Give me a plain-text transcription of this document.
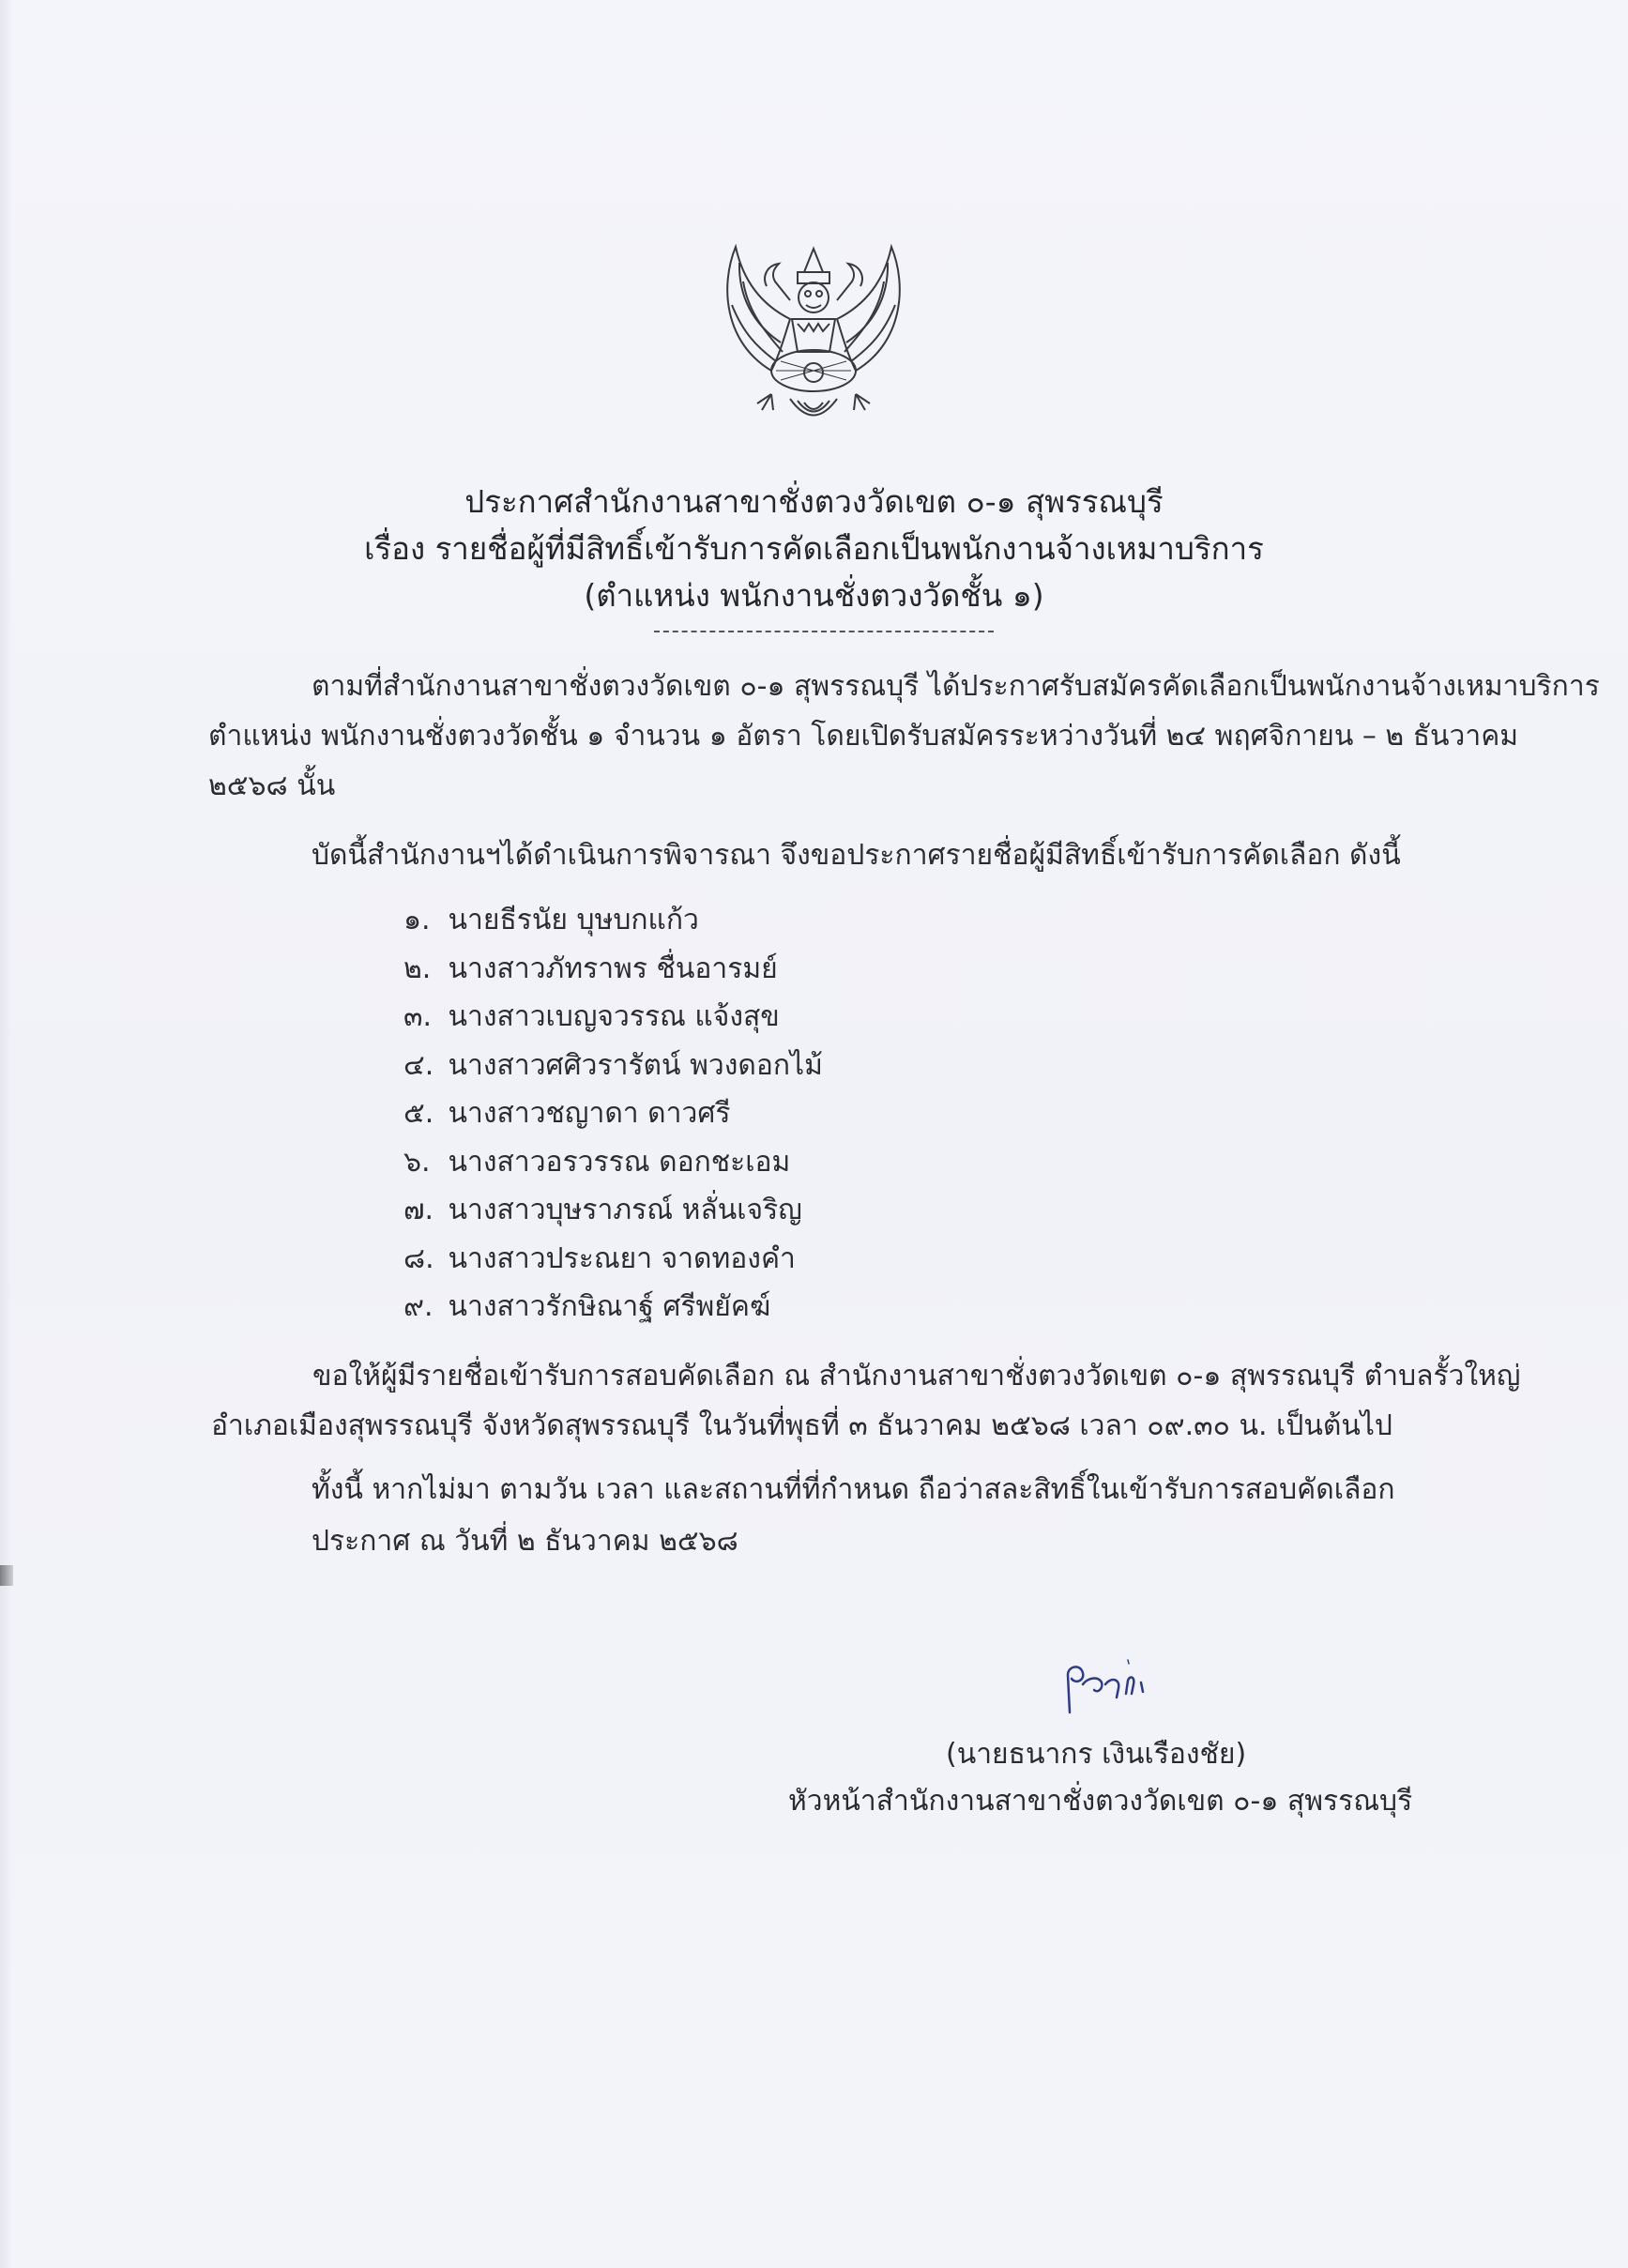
ประกาศสำนักงานสาขาชั่งตวงวัดเขต ๐-๑ สุพรรณบุรี
เรื่อง รายชื่อผู้ที่มีสิทธิ์เข้ารับการคัดเลือกเป็นพนักงานจ้างเหมาบริการ
(ตำแหน่ง พนักงานชั่งตวงวัดชั้น ๑)
ตามที่สำนักงานสาขาชั่งตวงวัดเขต ๐-๑ สุพรรณบุรี ได้ประกาศรับสมัครคัดเลือกเป็นพนักงานจ้างเหมาบริการ
ตำแหน่ง พนักงานชั่งตวงวัดชั้น ๑ จำนวน ๑ อัตรา โดยเปิดรับสมัครระหว่างวันที่ ๒๔ พฤศจิกายน – ๒ ธันวาคม
๒๕๖๘ นั้น
บัดนี้สำนักงานฯได้ดำเนินการพิจารณา จึงขอประกาศรายชื่อผู้มีสิทธิ์เข้ารับการคัดเลือก ดังนี้
๑. นายธีรนัย บุษบกแก้ว
๒. นางสาวภัทราพร ชื่นอารมย์
๓. นางสาวเบญจวรรณ แจ้งสุข
๔. นางสาวศศิวรารัตน์ พวงดอกไม้
๕. นางสาวชญาดา ดาวศรี
๖. นางสาวอรวรรณ ดอกชะเอม
๗. นางสาวบุษราภรณ์ หลั่นเจริญ
๘. นางสาวประณยา จาดทองคำ
๙. นางสาวรักษิณาฐ์ ศรีพยัคฆ์
ขอให้ผู้มีรายชื่อเข้ารับการสอบคัดเลือก ณ สำนักงานสาขาชั่งตวงวัดเขต ๐-๑ สุพรรณบุรี ตำบลรั้วใหญ่
อำเภอเมืองสุพรรณบุรี จังหวัดสุพรรณบุรี ในวันที่พุธที่ ๓ ธันวาคม ๒๕๖๘ เวลา ๐๙.๓๐ น. เป็นต้นไป
ทั้งนี้ หากไม่มา ตามวัน เวลา และสถานที่ที่กำหนด ถือว่าสละสิทธิ์ในเข้ารับการสอบคัดเลือก
ประกาศ ณ วันที่ ๒ ธันวาคม ๒๕๖๘
(นายธนากร เงินเรืองชัย)
หัวหน้าสำนักงานสาขาชั่งตวงวัดเขต ๐-๑ สุพรรณบุรี
